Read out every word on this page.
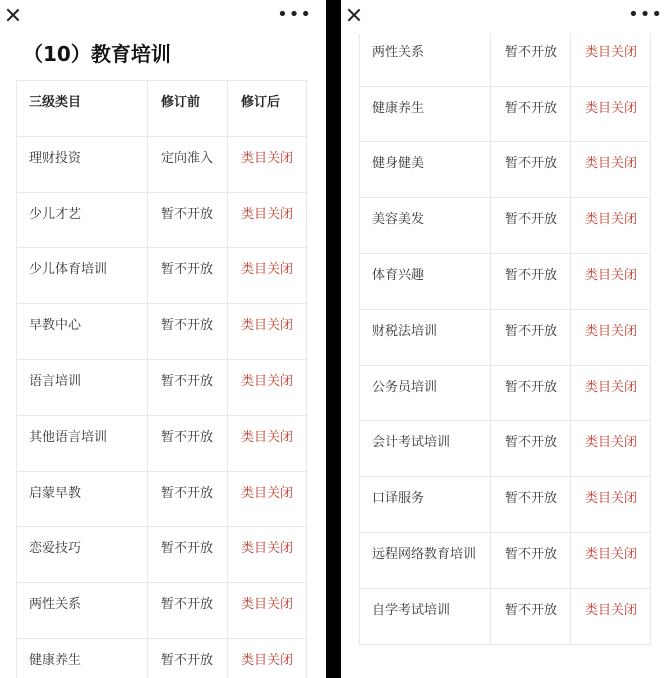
•••
（10）教育培训
三级类目	修订前	修订后
理财投资	定向准入	类目关闭
少儿才艺	暂不开放	类目关闭
少儿体育培训	暂不开放	类目关闭
早教中心	暂不开放	类目关闭
语言培训	暂不开放	类目关闭
其他语言培训	暂不开放	类目关闭
启蒙早教	暂不开放	类目关闭
恋爱技巧	暂不开放	类目关闭
两性关系	暂不开放	类目关闭
健康养生	暂不开放	类目关闭

两性关系	暂不开放	类目关闭
健康养生	暂不开放	类目关闭
健身健美	暂不开放	类目关闭
美容美发	暂不开放	类目关闭
体育兴趣	暂不开放	类目关闭
财税法培训	暂不开放	类目关闭
公务员培训	暂不开放	类目关闭
会计考试培训	暂不开放	类目关闭
口译服务	暂不开放	类目关闭
远程网络教育培训	暂不开放	类目关闭
自学考试培训	暂不开放	类目关闭
•••
